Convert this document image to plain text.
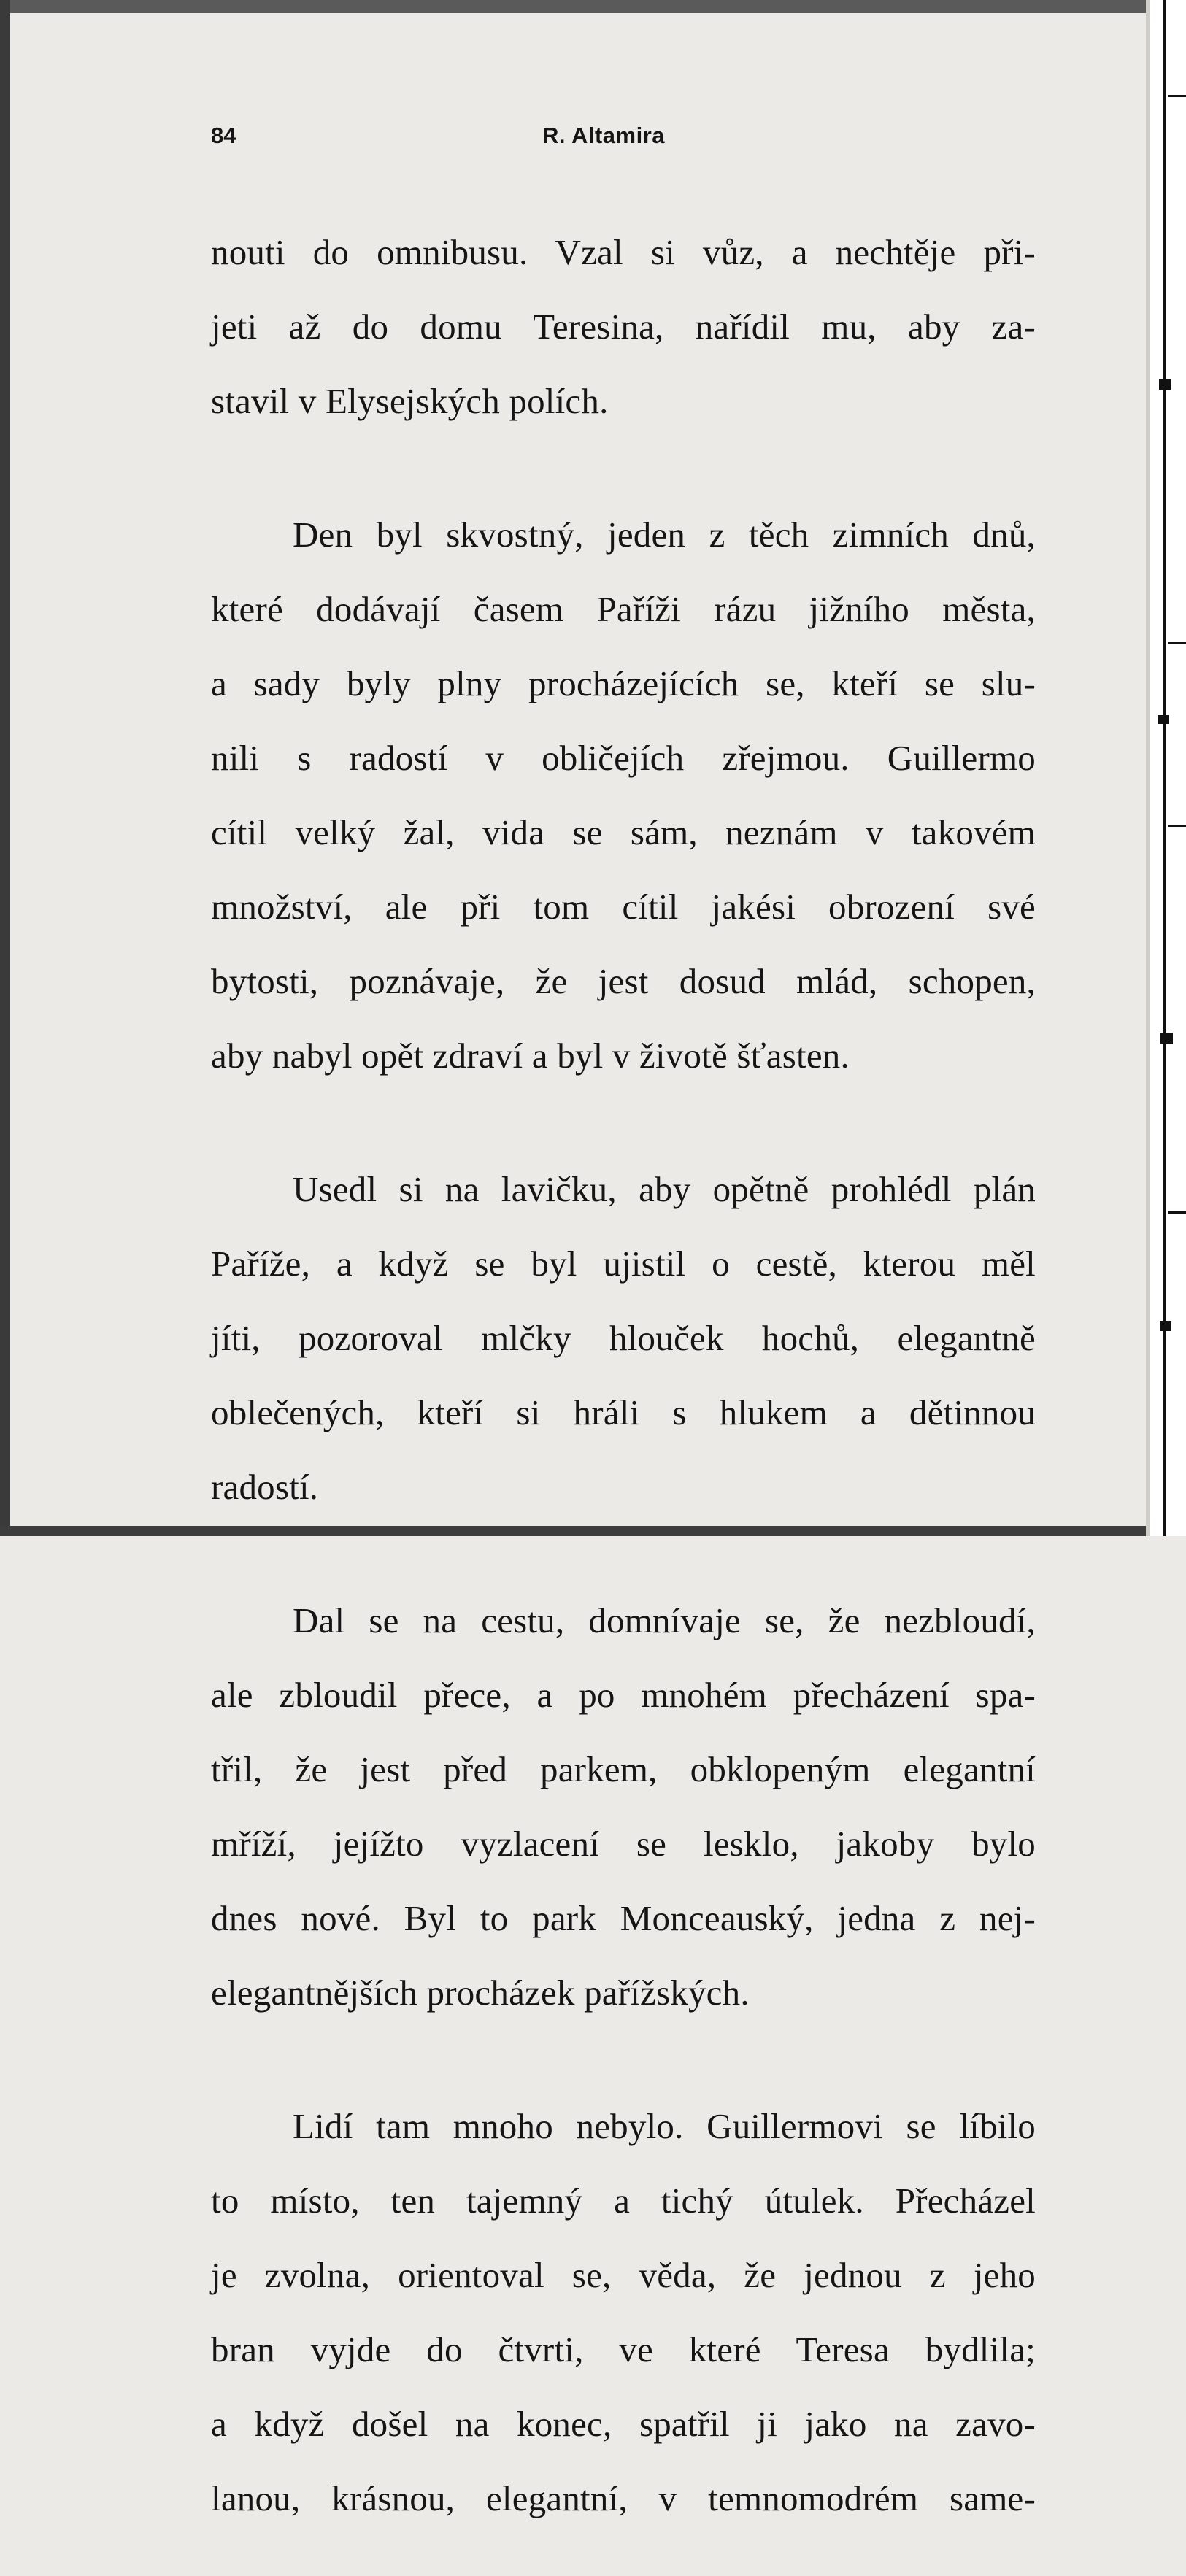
84	R. Altamira

nouti do omnibusu. Vzal si vůz, a nechtěje při-

jeti až do domu Teresina, nařídil mu, aby za-

stavil v Elysejských polích.

Den byl skvostný, jeden z těch zimních dnů,

které dodávají časem Paříži rázu jižního města,

a sady byly plny procházejících se, kteří se slu-

nili s radostí v obličejích zřejmou. Guillermo

cítil velký žal, vida se sám, neznám v takovém

množství, ale při tom cítil jakési obrození své

bytosti, poznávaje, že jest dosud mlád, schopen,

aby nabyl opět zdraví a byl v životě šťasten.

Usedl si na lavičku, aby opětně prohlédl plán

Paříže, a když se byl ujistil o cestě, kterou měl

jíti, pozoroval mlčky hlouček hochů, elegantně

oblečených, kteří si hráli s hlukem a dětinnou

radostí.

Dal se na cestu, domnívaje se, že nezbloudí,

ale zbloudil přece, a po mnohém přecházení spa-

třil, že jest před parkem, obklopeným elegantní

mříží, jejížto vyzlacení se lesklo, jakoby bylo

dnes nové. Byl to park Monceauský, jedna z nej-

elegantnějších procházek pařížských.

Lidí tam mnoho nebylo. Guillermovi se líbilo

to místo, ten tajemný a tichý útulek. Přecházel

je zvolna, orientoval se, věda, že jednou z jeho

bran vyjde do čtvrti, ve které Teresa bydlila;

a když došel na konec, spatřil ji jako na zavo-

lanou, krásnou, elegantní, v temnomodrém same-
